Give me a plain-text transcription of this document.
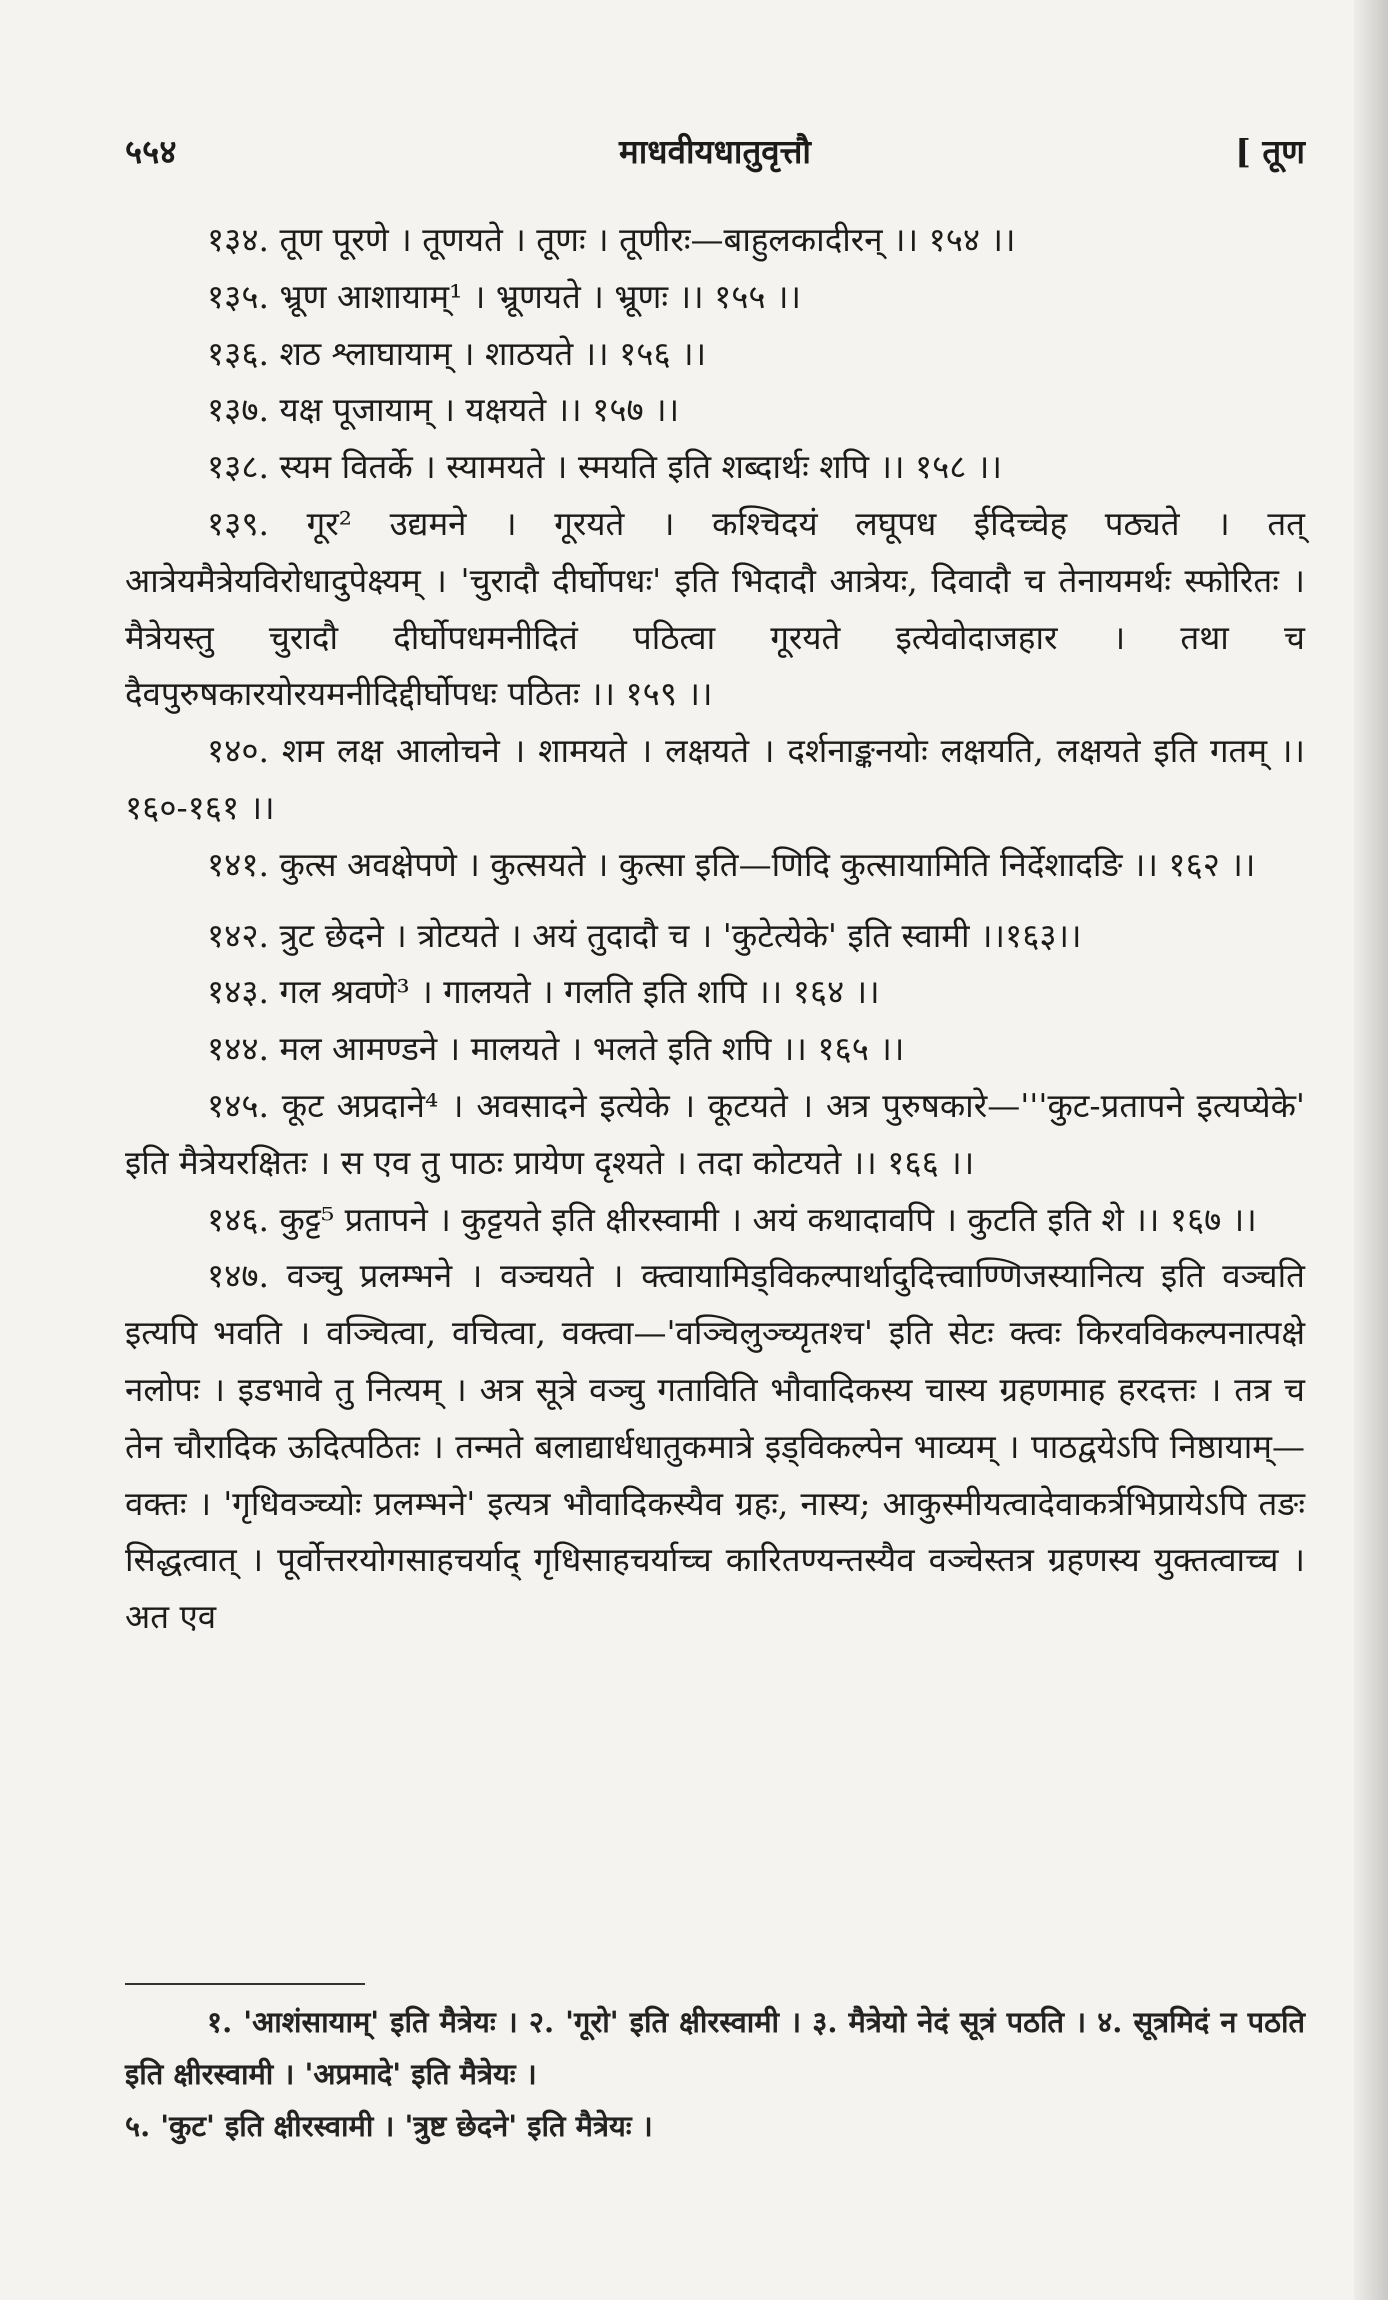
५५४	माधवीयधातुवृत्तौ	[ तूण

१३४. तूण पूरणे । तूणयते । तूणः । तूणीरः—बाहुलकादीरन् ।। १५४ ।।

१३५. भ्रूण आशायाम्¹ । भ्रूणयते । भ्रूणः ।। १५५ ।।

१३६. शठ श्लाघायाम् । शाठयते ।। १५६ ।।

१३७. यक्ष पूजायाम् । यक्षयते ।। १५७ ।।

१३८. स्यम वितर्के । स्यामयते । स्मयति इति शब्दार्थः शपि ।। १५८ ।।

१३९. गूर² उद्यमने । गूरयते । कश्चिदयं लघूपध ईदिच्चेह पठ्यते । तत् आत्रेयमैत्रेयविरोधादुपेक्ष्यम् । 'चुरादौ दीर्घोपधः' इति भिदादौ आत्रेयः, दिवादौ च तेनायमर्थः स्फोरितः । मैत्रेयस्तु चुरादौ दीर्घोपधमनीदितं पठित्वा गूरयते इत्येवोदाजहार । तथा च दैवपुरुषकारयोरयमनीदिद्दीर्घोपधः पठितः ।। १५९ ।।

१४०. शम लक्ष आलोचने । शामयते । लक्षयते । दर्शनाङ्कनयोः लक्षयति, लक्षयते इति गतम् ।। १६०-१६१ ।।

१४१. कुत्स अवक्षेपणे । कुत्सयते । कुत्सा इति—णिदि कुत्सायामिति निर्देशादङि ।। १६२ ।।

१४२. त्रुट छेदने । त्रोटयते । अयं तुदादौ च । 'कुटेत्येके' इति स्वामी ।।१६३।।

१४३. गल श्रवणे³ । गालयते । गलति इति शपि ।। १६४ ।।

१४४. मल आमण्डने । मालयते । भलते इति शपि ।। १६५ ।।

१४५. कूट अप्रदाने⁴ । अवसादने इत्येके । कूटयते । अत्र पुरुषकारे—'''कुट-प्रतापने इत्यप्येके' इति मैत्रेयरक्षितः । स एव तु पाठः प्रायेण दृश्यते । तदा कोटयते ।। १६६ ।।

१४६. कुट्ट⁵ प्रतापने । कुट्टयते इति क्षीरस्वामी । अयं कथादावपि । कुटति इति शे ।। १६७ ।।

१४७. वञ्चु प्रलम्भने । वञ्चयते । क्त्वायामिड्विकल्पार्थादुदित्त्वाण्णिजस्यानित्य इति वञ्चति इत्यपि भवति । वञ्चित्वा, वचित्वा, वक्त्वा—'वञ्चिलुञ्च्यृतश्च' इति सेटः क्त्वः किरवविकल्पनात्पक्षे नलोपः । इडभावे तु नित्यम् । अत्र सूत्रे वञ्चु गताविति भौवादिकस्य चास्य ग्रहणमाह हरदत्तः । तत्र च तेन चौरादिक ऊदित्पठितः । तन्मते बलाद्यार्धधातुकमात्रे इड्विकल्पेन भाव्यम् । पाठद्वयेऽपि निष्ठायाम्—वक्तः । 'गृधिवञ्च्योः प्रलम्भने' इत्यत्र भौवादिकस्यैव ग्रहः, नास्य; आकुस्मीयत्वादेवाकर्त्रभिप्रायेऽपि तङः सिद्धत्वात् । पूर्वोत्तरयोगसाहचर्याद् गृधिसाहचर्याच्च कारितण्यन्तस्यैव वञ्चेस्तत्र ग्रहणस्य युक्तत्वाच्च । अत एव

१. 'आशंसायाम्' इति मैत्रेयः । २. 'गूरो' इति क्षीरस्वामी । ३. मैत्रेयो नेदं सूत्रं पठति । ४. सूत्रमिदं न पठति इति क्षीरस्वामी । 'अप्रमादे' इति मैत्रेयः ।

५. 'कुट' इति क्षीरस्वामी । 'त्रुष्ट छेदने' इति मैत्रेयः ।
